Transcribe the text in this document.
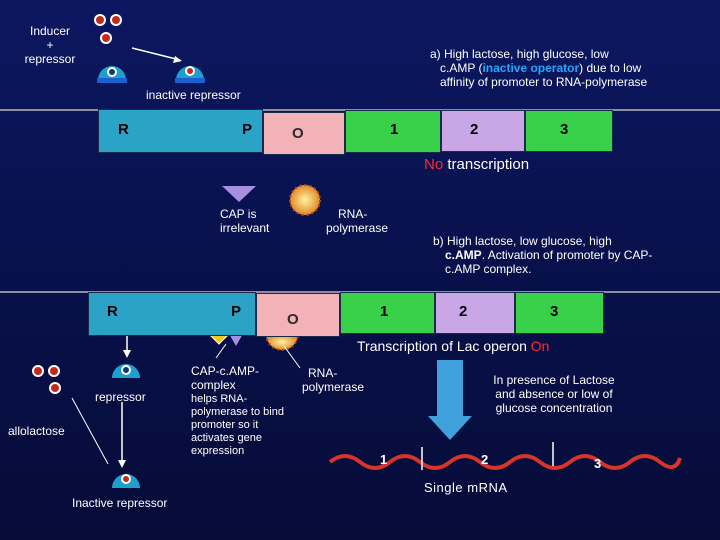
R	P	O	1	2	3
R	P	O	1	2	3
Inducer
+
repressor
inactive repressor
a) High lactose, high glucose, low
c.AMP (inactive operator) due to low
affinity of promoter to RNA-polymerase
No transcription
CAP is
irrelevant
RNA-
polymerase
b) High lactose, low glucose, high
c.AMP. Activation of promoter by CAP-
c.AMP complex.
Transcription of Lac operon On
repressor
allolactose
Inactive repressor
CAP-c.AMP-
complex
helps RNA-
polymerase to bind
promoter so it
activates gene
expression
RNA-
polymerase	In presence of Lactose
and absence or low of
glucose concentration
1	2	3
Single mRNA
